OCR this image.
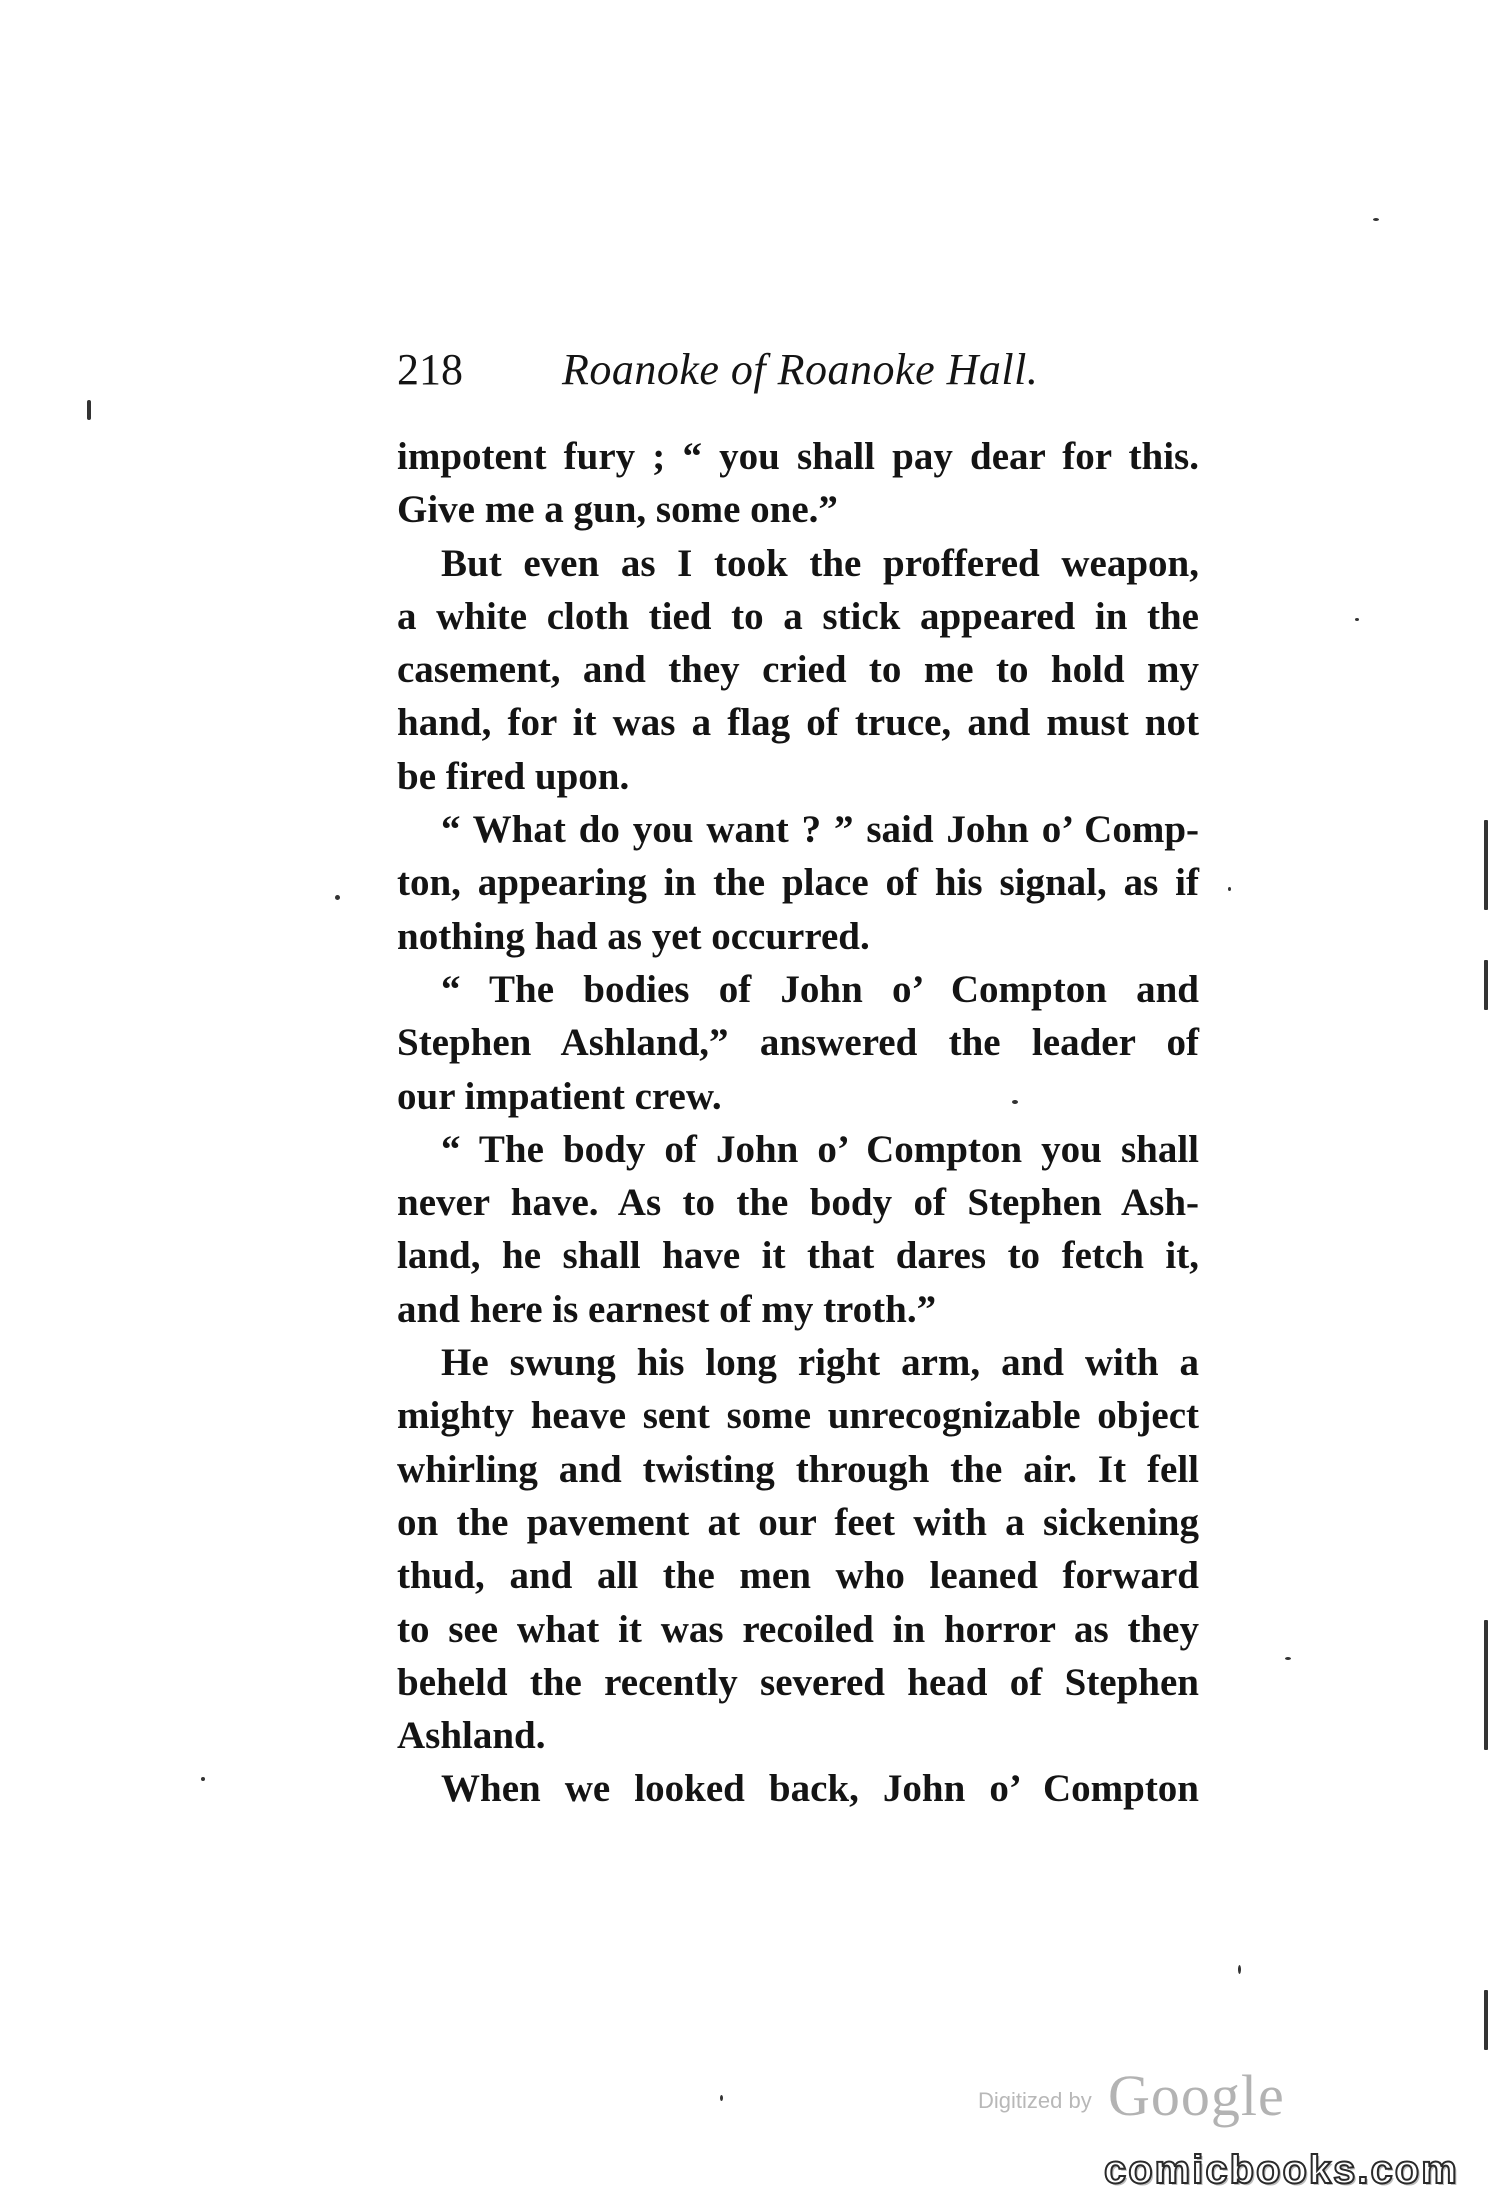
218 Roanoke of Roanoke Hall.
impotent fury ; “ you shall pay dear for this.
Give me a gun, some one.”
But even as I took the proffered weapon,
a white cloth tied to a stick appeared in the
casement, and they cried to me to hold my
hand, for it was a flag of truce, and must not
be fired upon.
“ What do you want ? ” said John o’ Comp-
ton, appearing in the place of his signal, as if
nothing had as yet occurred.
“ The bodies of John o’ Compton and
Stephen Ashland,” answered the leader of
our impatient crew.
“ The body of John o’ Compton you shall
never have. As to the body of Stephen Ash-
land, he shall have it that dares to fetch it,
and here is earnest of my troth.”
He swung his long right arm, and with a
mighty heave sent some unrecognizable object
whirling and twisting through the air. It fell
on the pavement at our feet with a sickening
thud, and all the men who leaned forward
to see what it was recoiled in horror as they
beheld the recently severed head of Stephen
Ashland.
When we looked back, John o’ Compton
Digitized by Google
comicbooks.com
